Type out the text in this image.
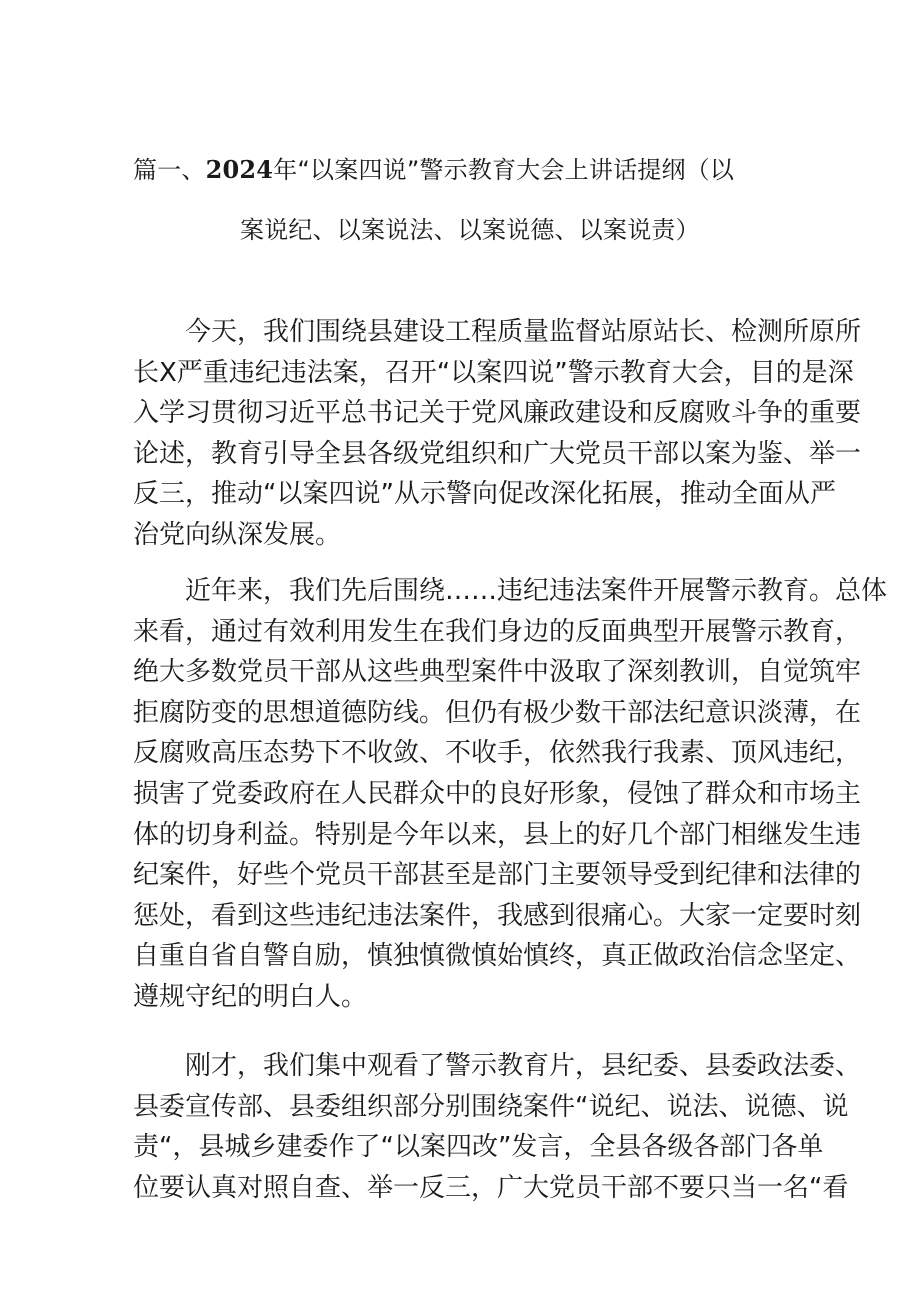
篇一、2024年“以案四说”警示教育大会上讲话提纲（以
案说纪、以案说法、以案说德、以案说责）
今天，我们围绕县建设工程质量监督站原站长、检测所原所
长X严重违纪违法案，召开“以案四说”警示教育大会，目的是深
入学习贯彻习近平总书记关于党风廉政建设和反腐败斗争的重要
论述，教育引导全县各级党组织和广大党员干部以案为鉴、举一
反三，推动“以案四说”从示警向促改深化拓展，推动全面从严
治党向纵深发展。
近年来，我们先后围绕……违纪违法案件开展警示教育。总体
来看，通过有效利用发生在我们身边的反面典型开展警示教育，
绝大多数党员干部从这些典型案件中汲取了深刻教训，自觉筑牢
拒腐防变的思想道德防线。但仍有极少数干部法纪意识淡薄，在
反腐败高压态势下不收敛、不收手，依然我行我素、顶风违纪，
损害了党委政府在人民群众中的良好形象，侵蚀了群众和市场主
体的切身利益。特别是今年以来，县上的好几个部门相继发生违
纪案件，好些个党员干部甚至是部门主要领导受到纪律和法律的
惩处，看到这些违纪违法案件，我感到很痛心。大家一定要时刻
自重自省自警自励，慎独慎微慎始慎终，真正做政治信念坚定、
遵规守纪的明白人。
刚才，我们集中观看了警示教育片，县纪委、县委政法委、
县委宣传部、县委组织部分别围绕案件“说纪、说法、说德、说
责“，县城乡建委作了“以案四改”发言，全县各级各部门各单
位要认真对照自查、举一反三，广大党员干部不要只当一名“看
